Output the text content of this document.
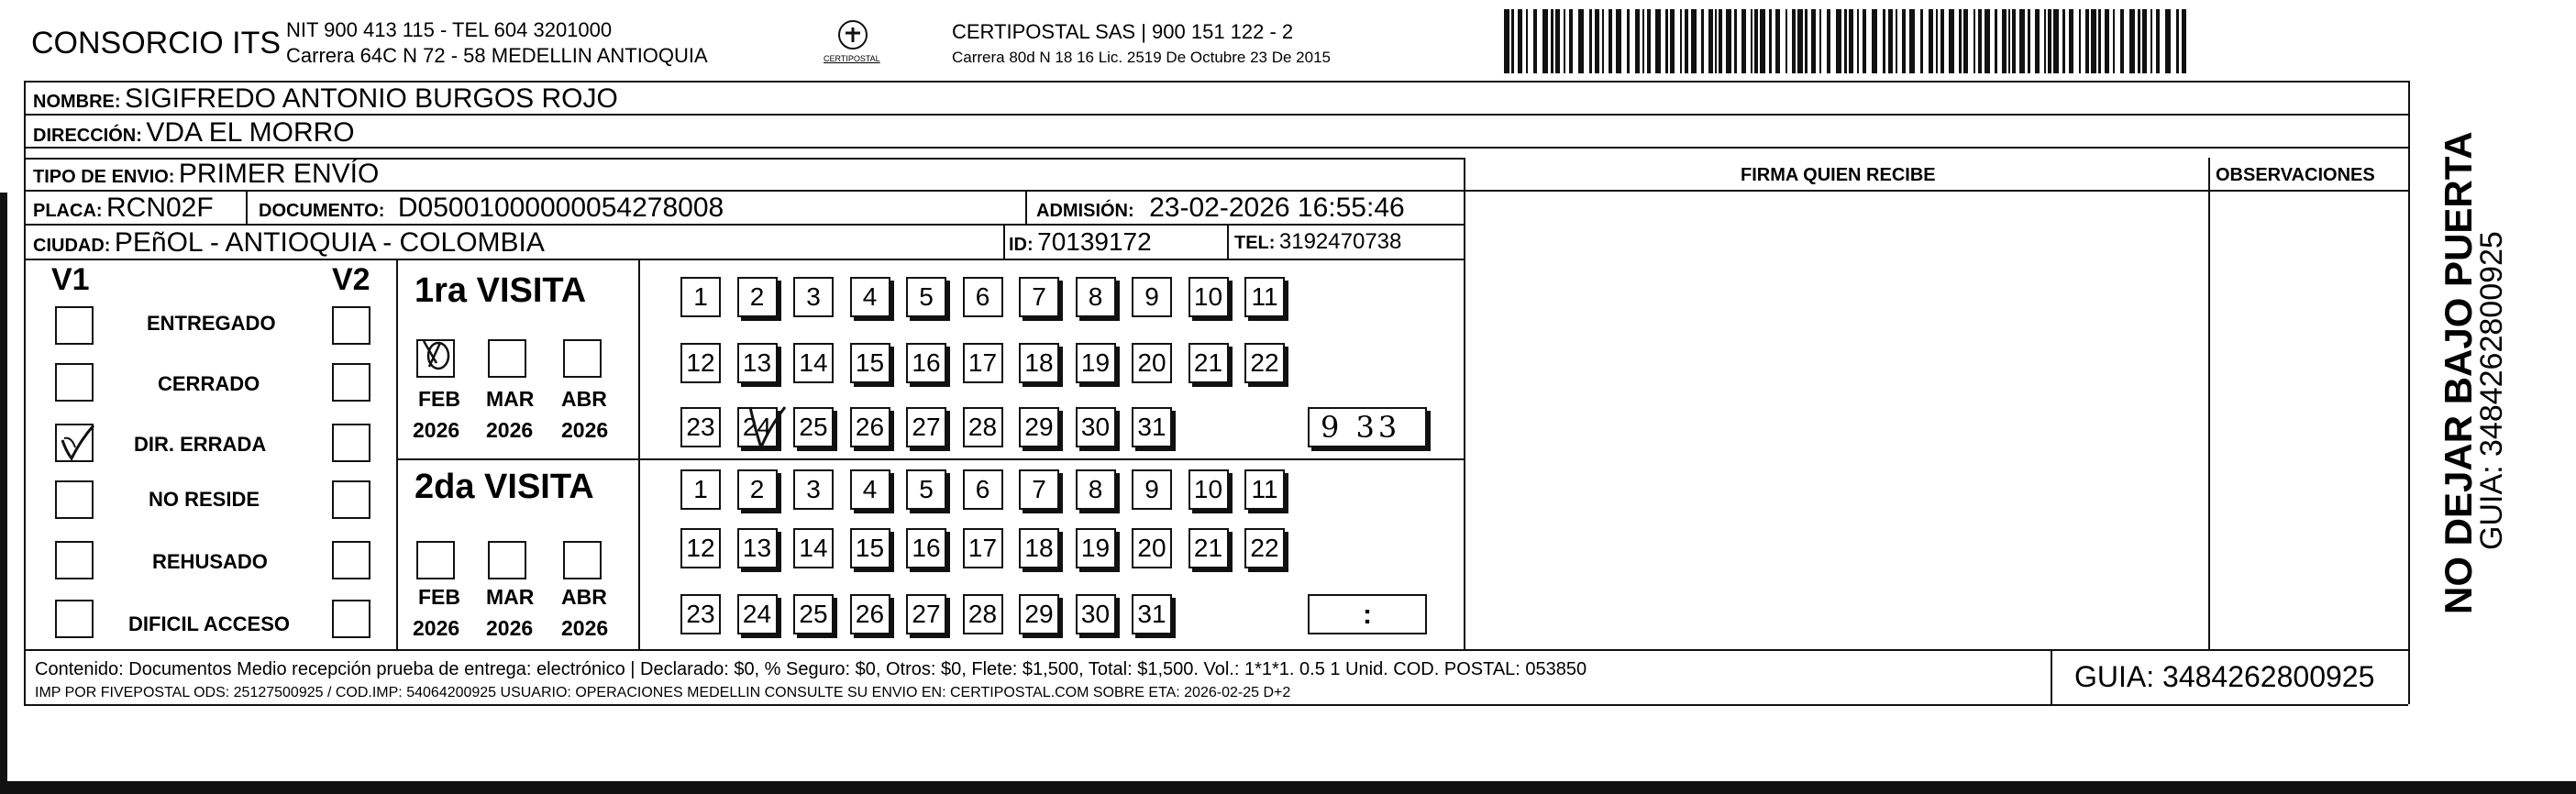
CONSORCIO ITS NIT 900 413 115 - TEL 604 3201000
Carrera 64C N 72 - 58 MEDELLIN ANTIOQUIA	CERTIPOSTAL
CERTIPOSTAL SAS | 900 151 122 - 2
Carrera 80d N 18 16 Lic. 2519 De Octubre 23 De 2015
NOMBRE: SIGIFREDO ANTONIO BURGOS ROJO
DIRECCIÓN: VDA EL MORRO
TIPO DE ENVIO: PRIMER ENVÍO	FIRMA QUIEN RECIBE	OBSERVACIONES
PLACA: RCN02F DOCUMENTO: D05001000000054278008	ADMISIÓN: 23-02-2026 16:55:46
CIUDAD: PEñOL - ANTIOQUIA - COLOMBIA	ID: 70139172	TEL: 3192470738
V1	V2
ENTREGADO
CERRADO
DIR. ERRADA
NO RESIDE
REHUSADO
DIFICIL ACCESO
1ra VISITA
FEB MAR ABR
2026 2026 2026
2da VISITA
FEB MAR ABR
2026 2026 2026
1	2	3	4	5	6	7	8	9	10 11
12 13 14 15 16 17 18 19 20 21 22
23 24 25 26 27 28 29 30 31
1	2	3	4	5	6	7	8	9	10 11
12 13 14 15 16 17 18 19 20 21 22
23 24 25 26 27 28 29 30 31
9 33
:
Contenido: Documentos Medio recepción prueba de entrega: electrónico | Declarado: $0, % Seguro: $0, Otros: $0, Flete: $1,500, Total: $1,500. Vol.: 1*1*1. 0.5 1 Unid. COD. POSTAL: 053850
IMP POR FIVEPOSTAL ODS: 25127500925 / COD.IMP: 54064200925 USUARIO: OPERACIONES MEDELLIN CONSULTE SU ENVIO EN: CERTIPOSTAL.COM SOBRE ETA: 2026-02-25 D+2	GUIA: 3484262800925
NO DEJAR BAJO PUERTA
GUIA: 3484262800925
